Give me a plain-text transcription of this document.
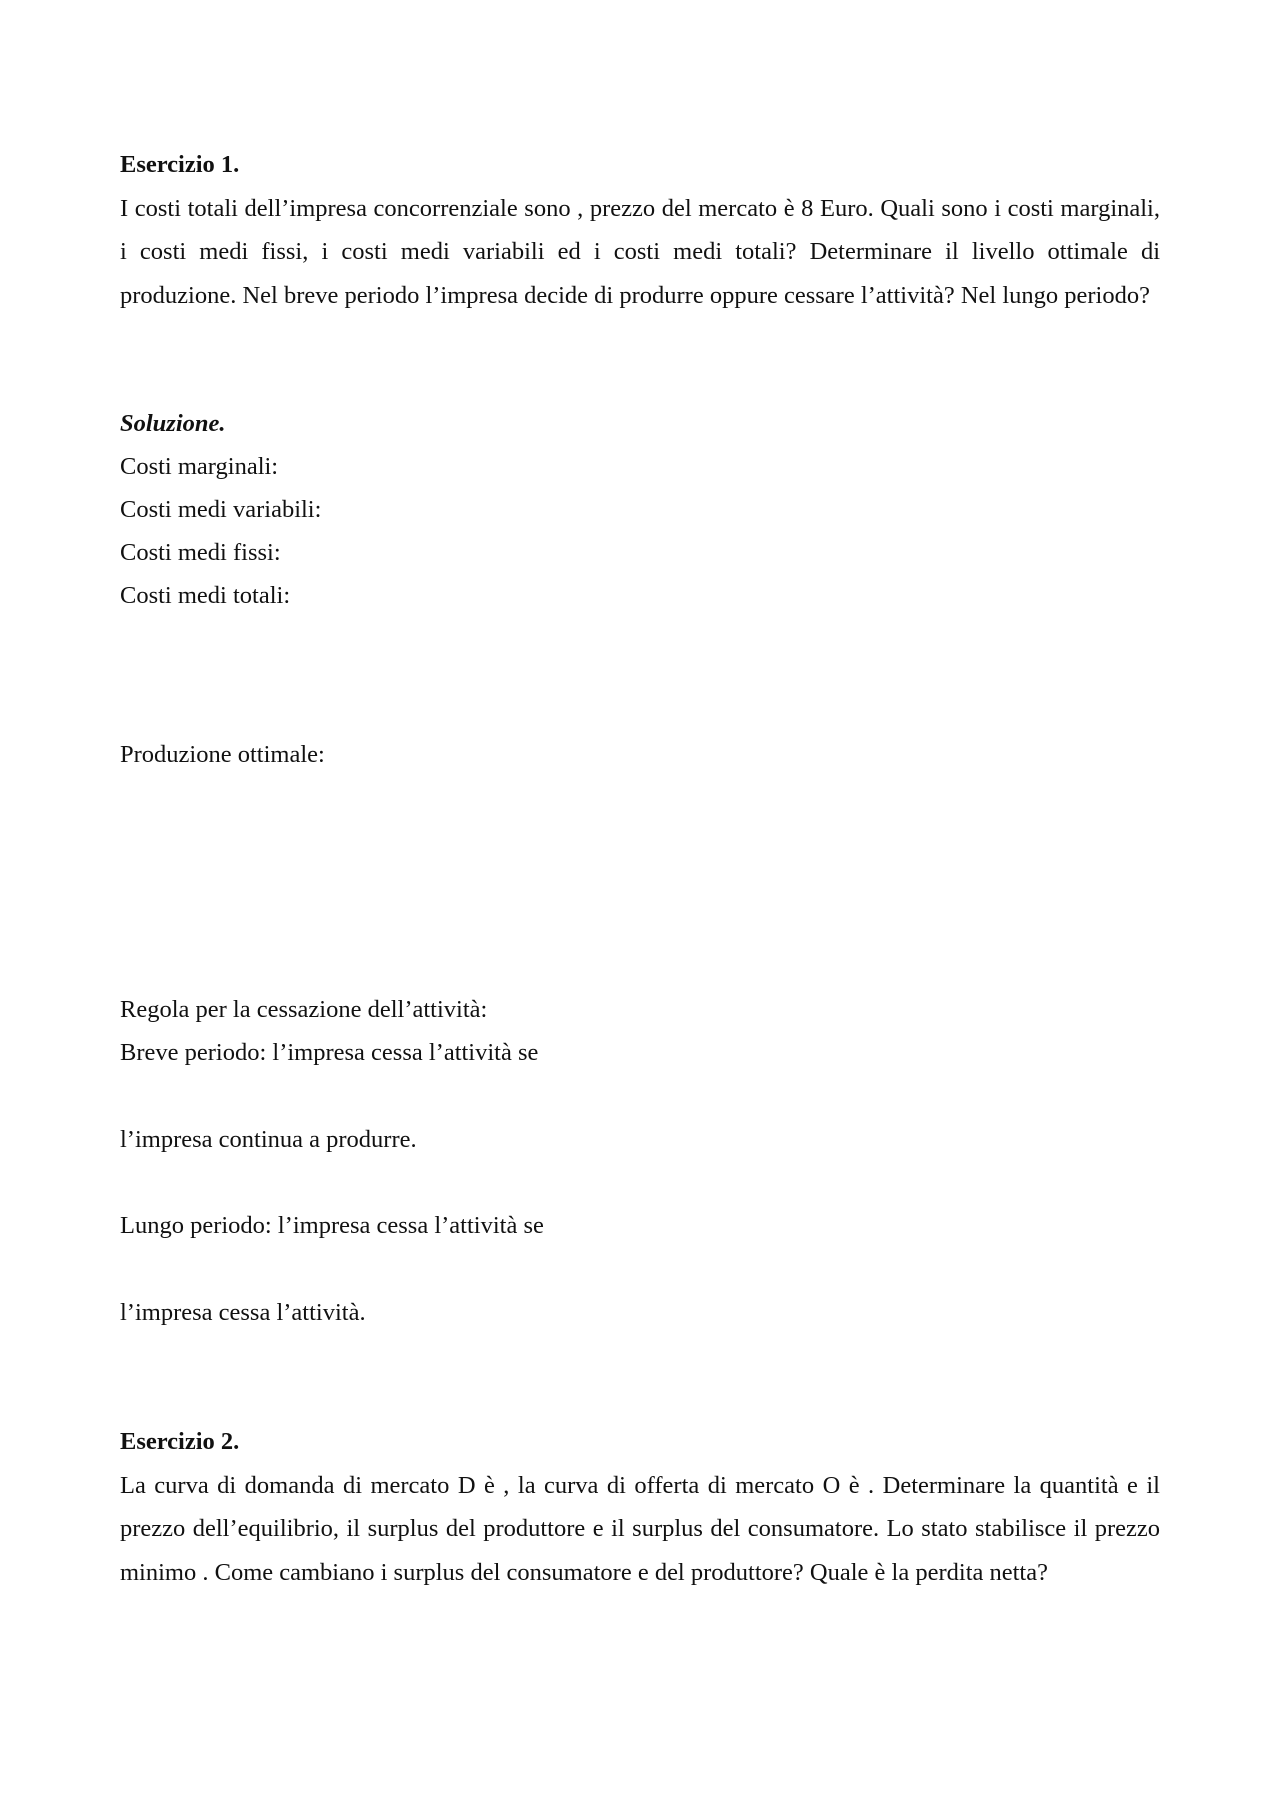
Esercizio 1.
I costi totali dell’impresa concorrenziale sono , prezzo del mercato è 8 Euro. Quali sono i costi marginali, i costi medi fissi, i costi medi variabili ed i costi medi totali? Determinare il livello ottimale di produzione. Nel breve periodo l’impresa decide di produrre oppure cessare l’attività? Nel lungo periodo?
Soluzione.
Costi marginali:
Costi medi variabili:
Costi medi fissi:
Costi medi totali:
Produzione ottimale:
Regola per la cessazione dell’attività:
Breve periodo: l’impresa cessa l’attività se
l’impresa continua a produrre.
Lungo periodo: l’impresa cessa l’attività se
l’impresa cessa l’attività.
Esercizio 2.
La curva di domanda di mercato D è , la curva di offerta di mercato O è . Determinare la quantità e il prezzo dell’equilibrio, il surplus del produttore e il surplus del consumatore. Lo stato stabilisce il prezzo minimo . Come cambiano i surplus del consumatore e del produttore? Quale è la perdita netta?
